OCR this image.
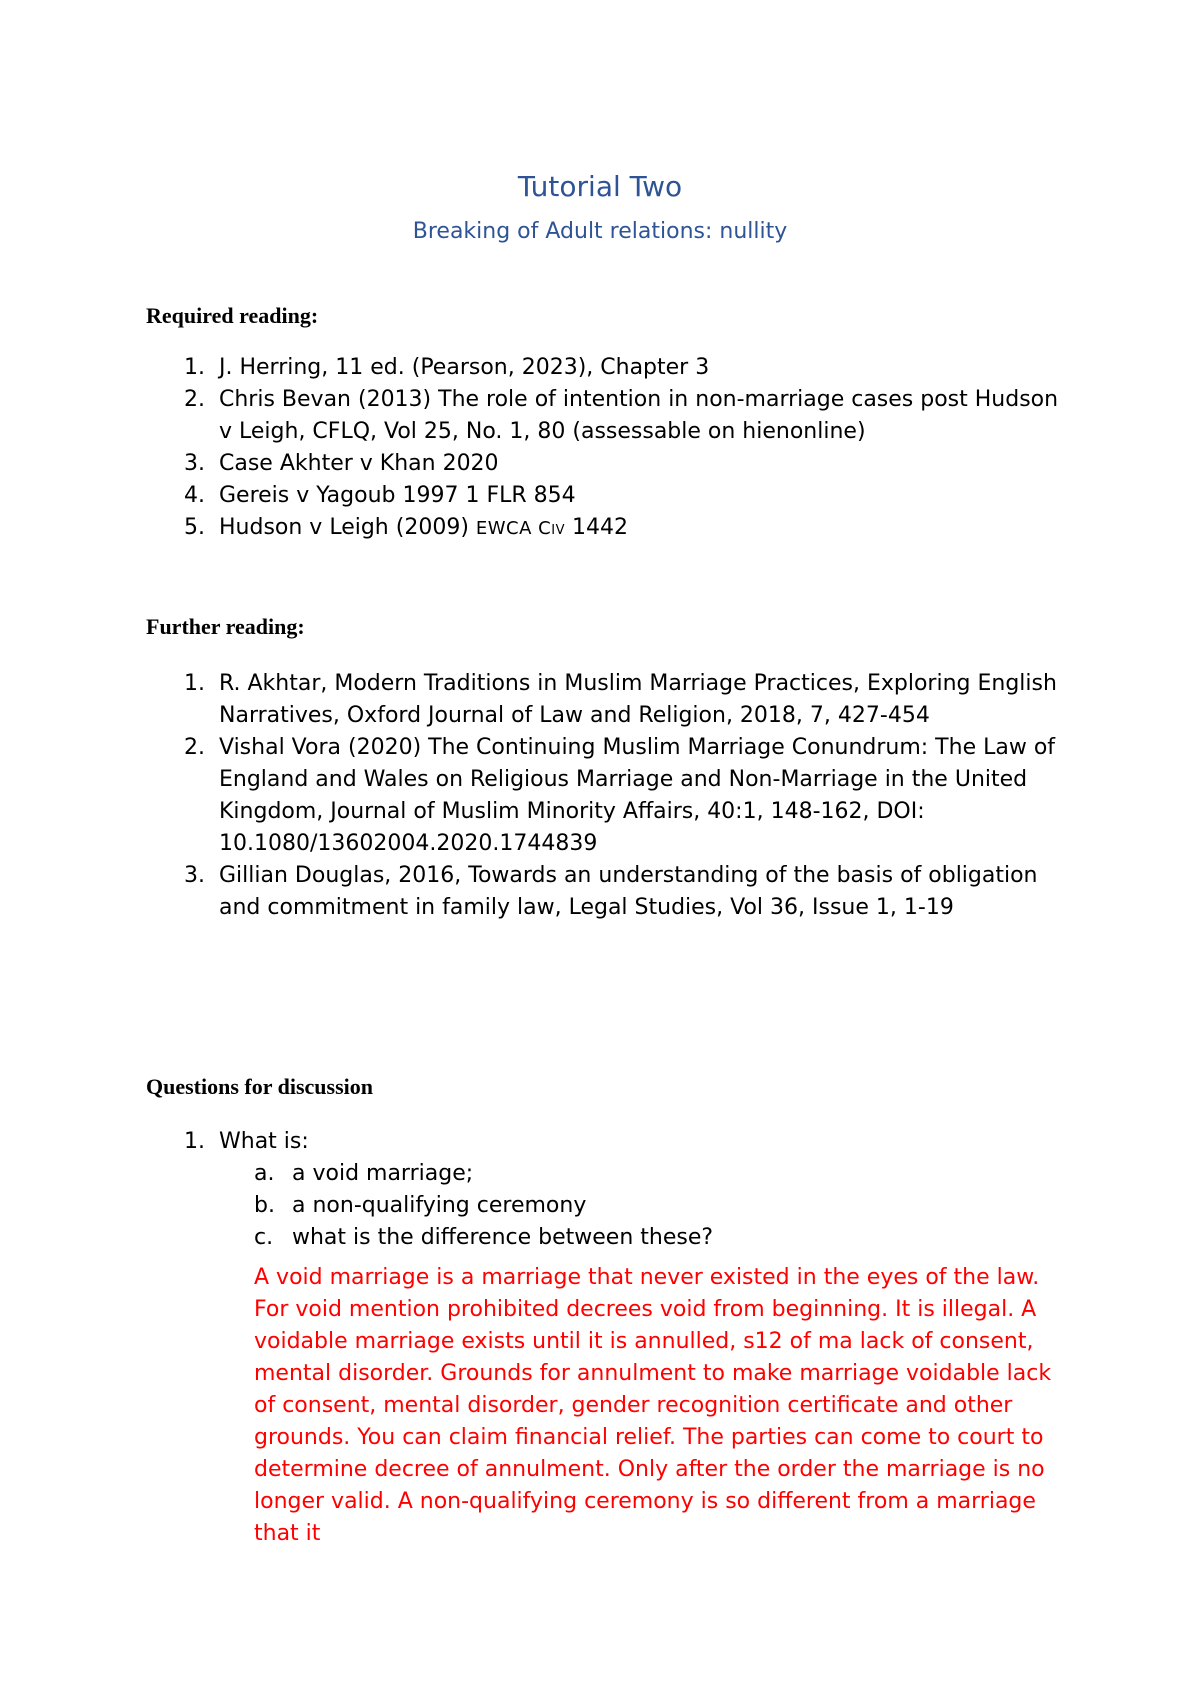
Tutorial Two
Breaking of Adult relations: nullity
Required reading:
1. J. Herring, 11 ed. (Pearson, 2023), Chapter 3
2. Chris Bevan (2013) The role of intention in non-marriage cases post Hudson v Leigh, CFLQ, Vol 25, No. 1, 80 (assessable on hienonline)
3. Case Akhter v Khan 2020
4. Gereis v Yagoub 1997 1 FLR 854
5. Hudson v Leigh (2009) EWCA Civ 1442
Further reading:
1. R. Akhtar, Modern Traditions in Muslim Marriage Practices, Exploring English Narratives, Oxford Journal of Law and Religion, 2018, 7, 427-454
2. Vishal Vora (2020) The Continuing Muslim Marriage Conundrum: The Law of England and Wales on Religious Marriage and Non-Marriage in the United Kingdom, Journal of Muslim Minority Affairs, 40:1, 148-162, DOI: 10.1080/13602004.2020.1744839
3. Gillian Douglas, 2016, Towards an understanding of the basis of obligation and commitment in family law, Legal Studies, Vol 36, Issue 1, 1-19
Questions for discussion
1. What is:
a. a void marriage;
b. a non-qualifying ceremony
c. what is the difference between these?

A void marriage is a marriage that never existed in the eyes of the law. For void mention prohibited decrees void from beginning. It is illegal. A voidable marriage exists until it is annulled, s12 of ma lack of consent, mental disorder. Grounds for annulment to make marriage voidable lack of consent, mental disorder, gender recognition certificate and other grounds. You can claim financial relief. The parties can come to court to determine decree of annulment. Only after the order the marriage is no longer valid. A non-qualifying ceremony is so different from a marriage that it
